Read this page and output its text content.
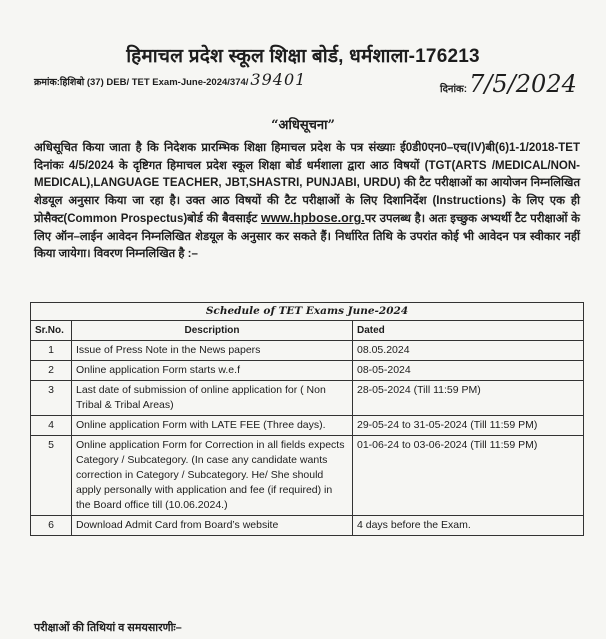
हिमाचल प्रदेश स्कूल शिक्षा बोर्ड, धर्मशाला-176213
क्रमांक:हिशिबो (37) DEB/ TET Exam-June-2024/374/ 39401
दिनांक:7/5/2024
“अधिसूचना”
अधिसूचित किया जाता है कि निदेशक प्रारम्भिक शिक्षा हिमाचल प्रदेश के पत्र संख्याः ई0डी0एन0–एच(IV)बी(6)1-1/2018-TET दिनांकः 4/5/2024 के दृष्टिगत हिमाचल प्रदेश स्कूल शिक्षा बोर्ड धर्मशाला द्वारा आठ विषयों (TGT(ARTS /MEDICAL/NON-MEDICAL),LANGUAGE TEACHER, JBT,SHASTRI, PUNJABI, URDU) की टैट परीक्षाओं का आयोजन निम्नलिखित शेडयूल अनुसार किया जा रहा है। उक्त आठ विषयों की टैट परीक्षाओं के लिए दिशानिर्देश (Instructions) के लिए एक ही प्रोसैक्ट(Common Prospectus)बोर्ड की बैवसाईट www.hpbose.org.पर उपलब्ध है। अतः इच्छुक अभ्यर्थी टैट परीक्षाओं के लिए ऑन–लाईन आवेदन निम्नलिखित शेडयूल के अनुसार कर सकते हैं। निर्धारित तिथि के उपरांत कोई भी आवेदन पत्र स्वीकार नहीं किया जायेगा। विवरण निम्नलिखित है :–
Schedule of TET Exams June-2024		
Sr.No.	Description	Dated
1	Issue of Press Note in the News papers	08.05.2024
2	Online application Form starts w.e.f	08-05-2024
3	Last date of submission of online application for ( Non Tribal & Tribal Areas)	28-05-2024 (Till 11:59 PM)
4	Online application Form with LATE FEE (Three days).	29-05-24 to 31-05-2024 (Till 11:59 PM)
5	Online application Form for Correction in all fields expects Category / Subcategory. (In case any candidate wants correction in Category / Subcategory. He/ She should apply personally with application and fee (if required) in the Board office till (10.06.2024.)	01-06-24 to 03-06-2024 (Till 11:59 PM)
6	Download Admit Card from Board’s website	4 days before the Exam.
परीक्षाओं की तिथियां व समयसारणीः–
